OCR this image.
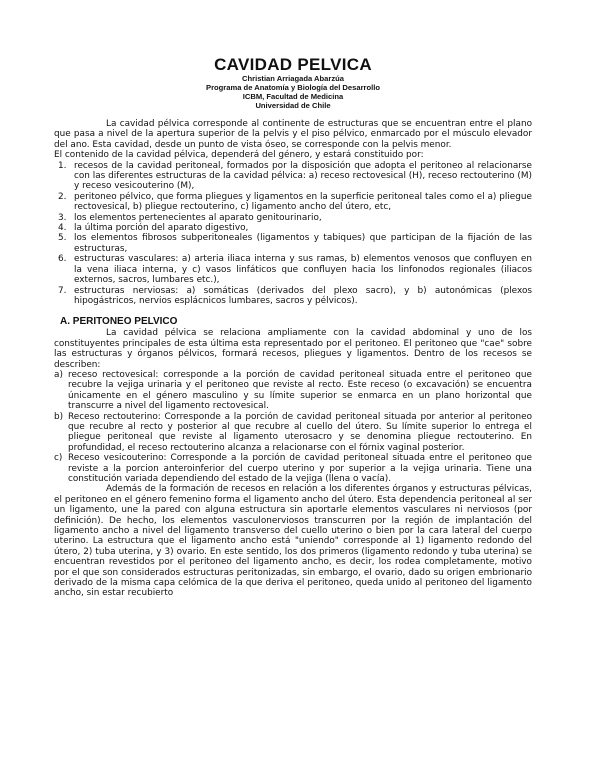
CAVIDAD PELVICA
Christian Arriagada Abarzúa
Programa de Anatomía y Biología del Desarrollo
ICBM, Facultad de Medicina
Universidad de Chile

La cavidad pélvica corresponde al continente de estructuras que se encuentran entre el plano que pasa a nivel de la apertura superior de la pelvis y el piso pélvico, enmarcado por el músculo elevador del ano. Esta cavidad, desde un punto de vista óseo, se corresponde con la pelvis menor.

El contenido de la cavidad pélvica, dependerá del género, y estará constituido por:

1. recesos de la cavidad peritoneal, formados por la disposición que adopta el peritoneo al relacionarse con las diferentes estructuras de la cavidad pélvica: a) receso rectovesical (H), receso rectouterino (M) y receso vesicouterino (M),
2. peritoneo pélvico, que forma pliegues y ligamentos en la superficie peritoneal tales como el a) pliegue rectovesical, b) pliegue rectouterino, c) ligamento ancho del útero, etc,
3. los elementos pertenecientes al aparato genitourinario,
4. la última porción del aparato digestivo,
5. los elementos fibrosos subperitoneales (ligamentos y tabiques) que participan de la fijación de las estructuras,
6. estructuras vasculares: a) arteria iliaca interna y sus ramas, b) elementos venosos que confluyen en la vena iliaca interna, y c) vasos linfáticos que confluyen hacia los linfonodos regionales (iliacos externos, sacros, lumbares etc.),
7. estructuras nerviosas: a) somáticas (derivados del plexo sacro), y b) autonómicas (plexos hipogástricos, nervios esplácnicos lumbares, sacros y pélvicos).
A. PERITONEO PELVICO

La cavidad pélvica se relaciona ampliamente con la cavidad abdominal y uno de los constituyentes principales de esta última esta representado por el peritoneo. El peritoneo que "cae" sobre las estructuras y órganos pélvicos, formará recesos, pliegues y ligamentos. Dentro de los recesos se describen:

a) receso rectovesical: corresponde a la porción de cavidad peritoneal situada entre el peritoneo que recubre la vejiga urinaria y el peritoneo que reviste al recto. Este receso (o excavación) se encuentra únicamente en el género masculino y su límite superior se enmarca en un plano horizontal que transcurre a nivel del ligamento rectovesical.
b) Receso rectouterino: Corresponde a la porción de cavidad peritoneal situada por anterior al peritoneo que recubre al recto y posterior al que recubre al cuello del útero. Su límite superior lo entrega el pliegue peritoneal que reviste al ligamento uterosacro y se denomina pliegue rectouterino. En profundidad, el receso rectouterino alcanza a relacionarse con el fórnix vaginal posterior.
c) Receso vesicouterino: Corresponde a la porción de cavidad peritoneal situada entre el peritoneo que reviste a la porcion anteroinferior del cuerpo uterino y por superior a la vejiga urinaria. Tiene una constitución variada dependiendo del estado de la vejiga (llena o vacía).

Además de la formación de recesos en relación a los diferentes órganos y estructuras pélvicas, el peritoneo en el género femenino forma el ligamento ancho del útero. Esta dependencia peritoneal al ser un ligamento, une la pared con alguna estructura sin aportarle elementos vasculares ni nerviosos (por definición). De hecho, los elementos vasculonerviosos transcurren por la región de implantación del ligamento ancho a nivel del ligamento transverso del cuello uterino o bien por la cara lateral del cuerpo uterino. La estructura que el ligamento ancho está "uniendo" corresponde al 1) ligamento redondo del útero, 2) tuba uterina, y 3) ovario. En este sentido, los dos primeros (ligamento redondo y tuba uterina) se encuentran revestidos por el peritoneo del ligamento ancho, es decir, los rodea completamente, motivo por el que son considerados estructuras peritonizadas, sin embargo, el ovario, dado su origen embrionario derivado de la misma capa celómica de la que deriva el peritoneo, queda unido al peritoneo del ligamento ancho, sin estar recubierto
